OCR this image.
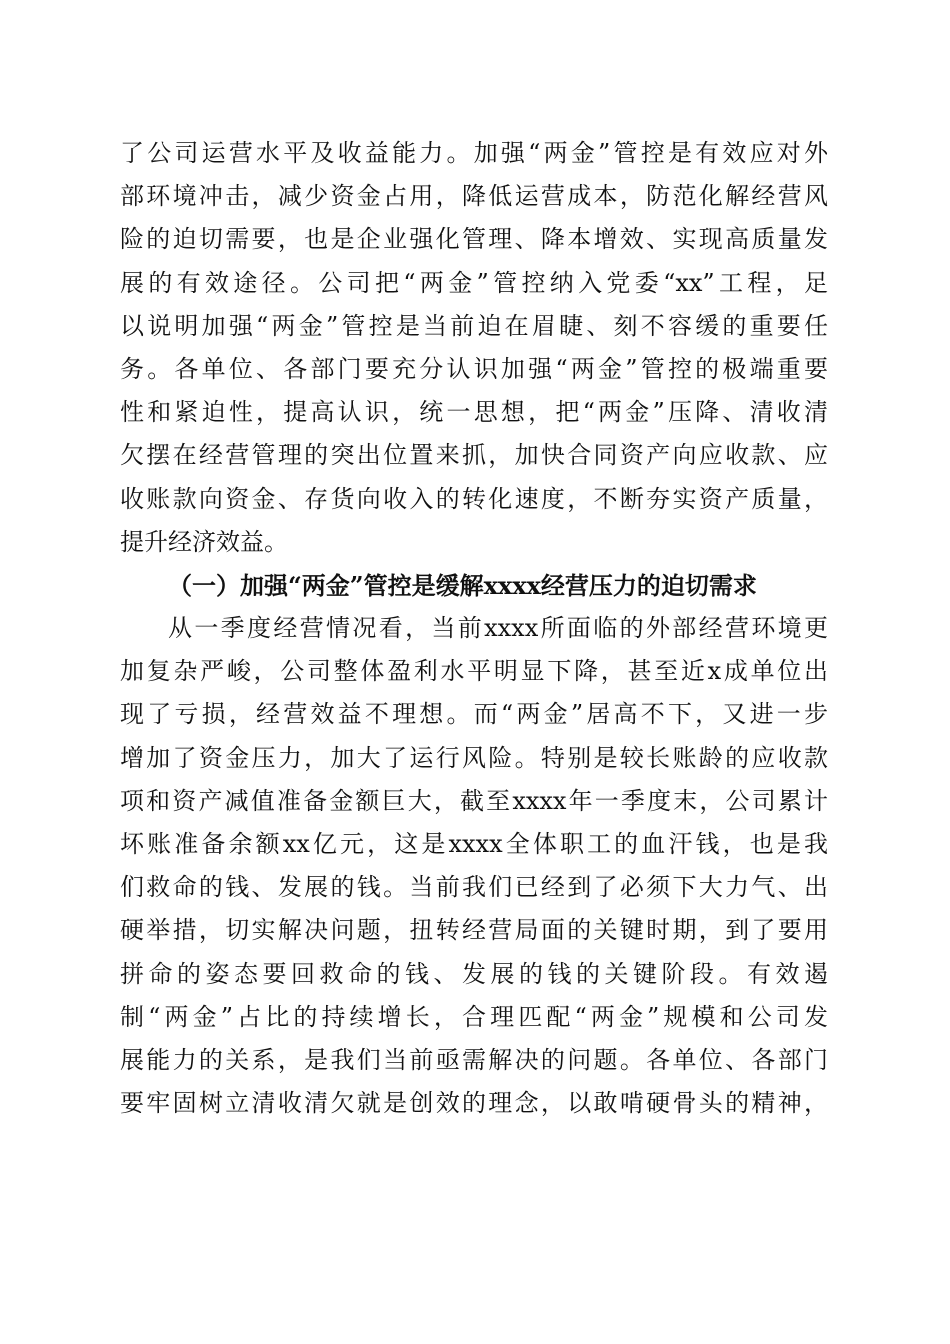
了公司运营水平及收益能力。加强“两金”管控是有效应对外
部环境冲击，减少资金占用，降低运营成本，防范化解经营风
险的迫切需要，也是企业强化管理、降本增效、实现高质量发
展的有效途径。公司把“两金”管控纳入党委“xx”工程，足
以说明加强“两金”管控是当前迫在眉睫、刻不容缓的重要任
务。各单位、各部门要充分认识加强“两金”管控的极端重要
性和紧迫性，提高认识，统一思想，把“两金”压降、清收清
欠摆在经营管理的突出位置来抓，加快合同资产向应收款、应
收账款向资金、存货向收入的转化速度，不断夯实资产质量，
提升经济效益。
（一）加强“两金”管控是缓解xxxx经营压力的迫切需求
从一季度经营情况看，当前xxxx所面临的外部经营环境更
加复杂严峻，公司整体盈利水平明显下降，甚至近x成单位出
现了亏损，经营效益不理想。而“两金”居高不下，又进一步
增加了资金压力，加大了运行风险。特别是较长账龄的应收款
项和资产减值准备金额巨大，截至xxxx年一季度末，公司累计
坏账准备余额xx亿元，这是xxxx全体职工的血汗钱，也是我
们救命的钱、发展的钱。当前我们已经到了必须下大力气、出
硬举措，切实解决问题，扭转经营局面的关键时期，到了要用
拼命的姿态要回救命的钱、发展的钱的关键阶段。有效遏
制“两金”占比的持续增长，合理匹配“两金”规模和公司发
展能力的关系，是我们当前亟需解决的问题。各单位、各部门
要牢固树立清收清欠就是创效的理念，以敢啃硬骨头的精神，
